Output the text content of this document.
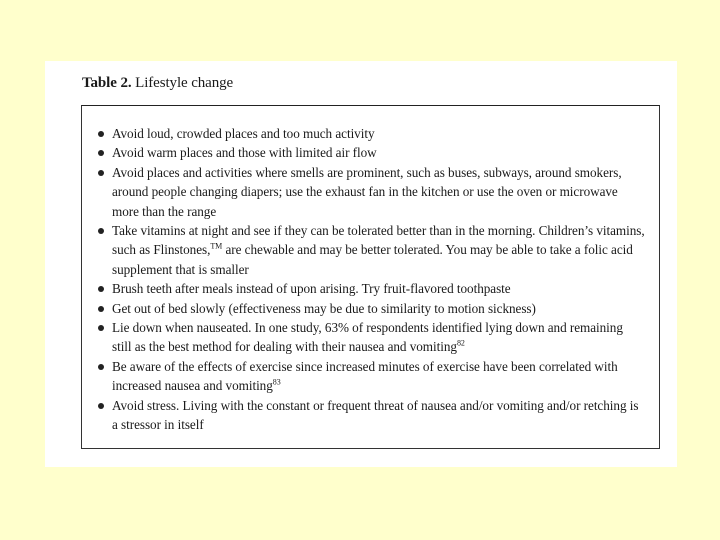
Table 2. Lifestyle change
Avoid loud, crowded places and too much activity
Avoid warm places and those with limited air flow
Avoid places and activities where smells are prominent, such as buses, subways, around smokers, around people changing diapers; use the exhaust fan in the kitchen or use the oven or microwave more than the range
Take vitamins at night and see if they can be tolerated better than in the morning. Children’s vitamins, such as Flinstones,™ are chewable and may be better tolerated. You may be able to take a folic acid supplement that is smaller
Brush teeth after meals instead of upon arising. Try fruit-flavored toothpaste
Get out of bed slowly (effectiveness may be due to similarity to motion sickness)
Lie down when nauseated. In one study, 63% of respondents identified lying down and remaining still as the best method for dealing with their nausea and vomiting$^{82}$
Be aware of the effects of exercise since increased minutes of exercise have been correlated with increased nausea and vomiting$^{83}$
Avoid stress. Living with the constant or frequent threat of nausea and/or vomiting and/or retching is a stressor in itself
